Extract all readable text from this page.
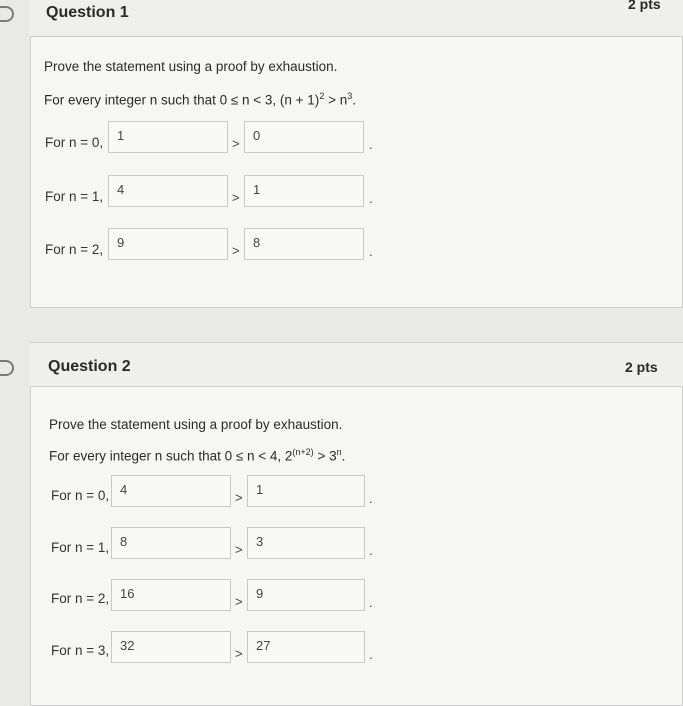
Question 1	2 pts
Prove the statement using a proof by exhaustion.
For every integer n such that 0 ≤ n < 3, $(n + 1)^2 > n^3$.
For n = 0,	1
>
0
.
For n = 1,	4
>
1
.
For n = 2,	9
>
8
.
Question 2	2 pts
Prove the statement using a proof by exhaustion.
For every integer n such that 0 ≤ n < 4, $2^{(n+2)} > 3^n$.
For n = 0, 4
>
1
.
For n = 1, 8
>
3
.
For n = 2, 16
>
9
.
For n = 3, 32
>
27
.
